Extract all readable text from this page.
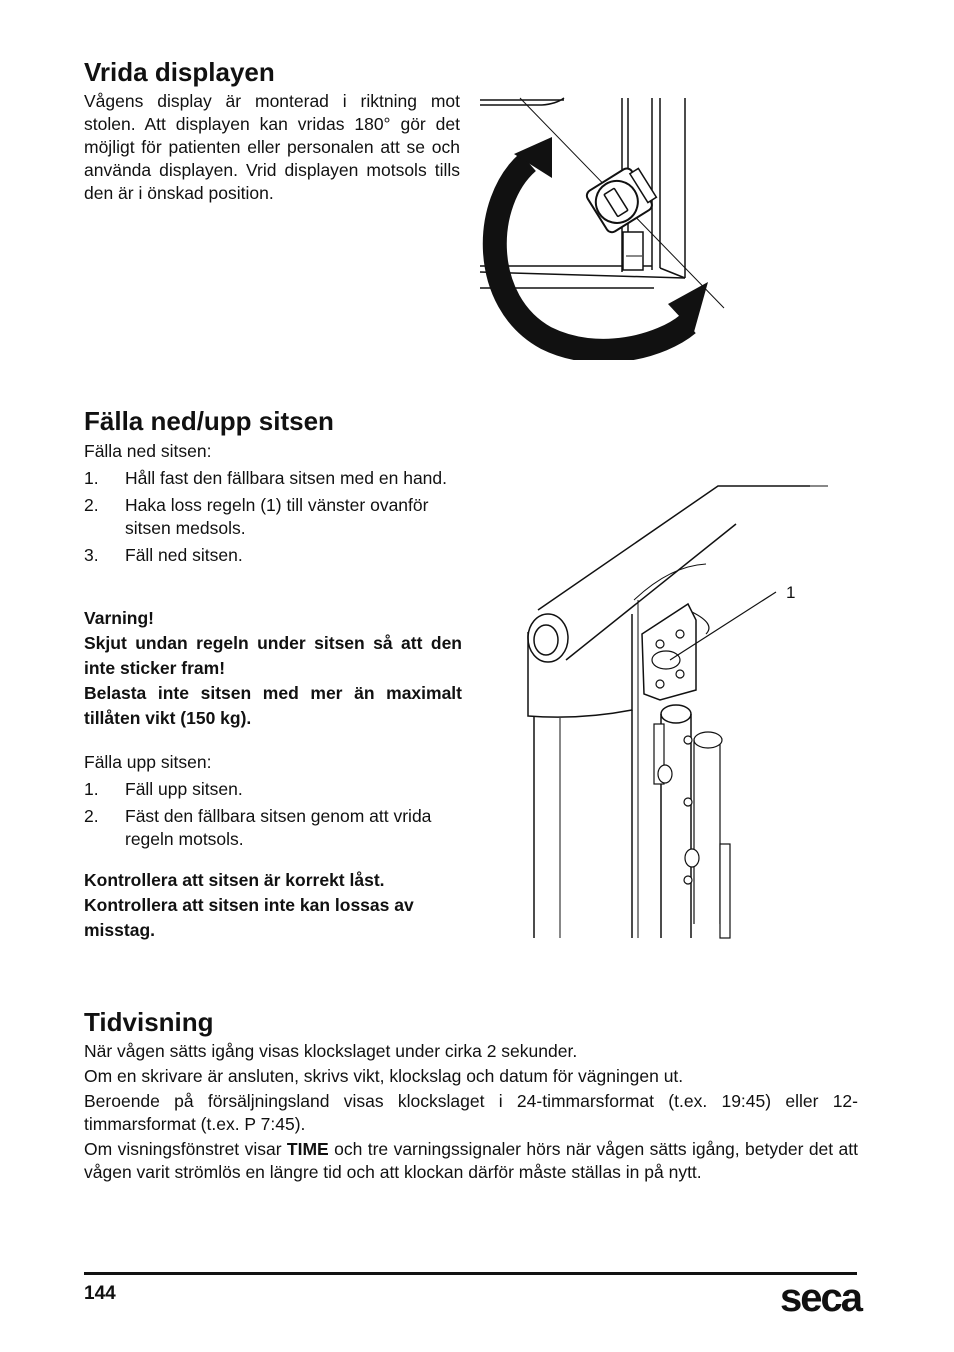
Vrida displayen
Vågens display är monterad i riktning mot stolen. Att displayen kan vridas 180° gör det möjligt för patienten eller personalen att se och använda displayen. Vrid displayen motsols tills den är i önskad position.
Fälla ned/upp sitsen
Fälla ned sitsen:
1. Håll fast den fällbara sitsen med en hand.
2. Haka loss regeln (1) till vänster ovanför sitsen medsols.
3. Fäll ned sitsen.

Varning!

Skjut undan regeln under sitsen så att den inte sticker fram!

Belasta inte sitsen med mer än maximalt tillåten vikt (150 kg).

Fälla upp sitsen:
1. Fäll upp sitsen.
2. Fäst den fällbara sitsen genom att vrida regeln motsols.

Kontrollera att sitsen är korrekt låst.

Kontrollera att sitsen inte kan lossas av misstag.

1
Tidvisning

När vågen sätts igång visas klockslaget under cirka 2 sekunder.

Om en skrivare är ansluten, skrivs vikt, klockslag och datum för vägningen ut.

Beroende på försäljningsland visas klockslaget i 24-timmarsformat (t.ex. 19:45) eller 12-timmarsformat (t.ex. P 7:45).

Om visningsfönstret visar TIME och tre varningssignaler hörs när vågen sätts igång, betyder det att vågen varit strömlös en längre tid och att klockan därför måste ställas in på nytt.

144	seca
